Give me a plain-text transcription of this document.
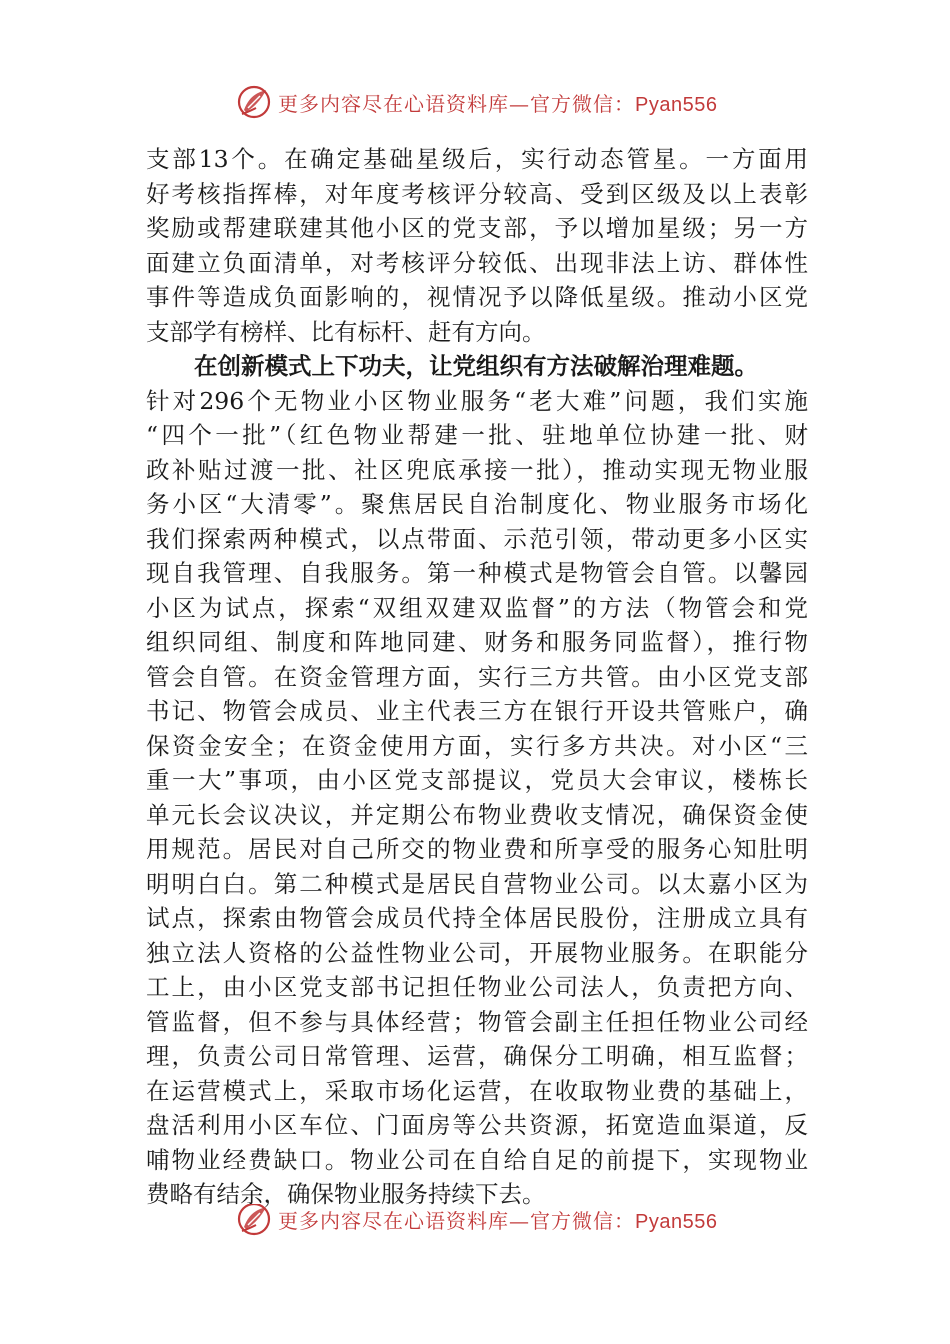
更多内容尽在心语资料库—官方微信：Pyan556
支部13个。在确定基础星级后，实行动态管星。一方面用
好考核指挥棒，对年度考核评分较高、受到区级及以上表彰
奖励或帮建联建其他小区的党支部，予以增加星级；另一方
面建立负面清单，对考核评分较低、出现非法上访、群体性
事件等造成负面影响的，视情况予以降低星级。推动小区党
支部学有榜样、比有标杆、赶有方向。
在创新模式上下功夫，让党组织有方法破解治理难题。
针对296个无物业小区物业服务“老大难”问题，我们实施
“四个一批”（红色物业帮建一批、驻地单位协建一批、财
政补贴过渡一批、社区兜底承接一批），推动实现无物业服
务小区“大清零”。聚焦居民自治制度化、物业服务市场化
我们探索两种模式，以点带面、示范引领，带动更多小区实
现自我管理、自我服务。第一种模式是物管会自管。以馨园
小区为试点，探索“双组双建双监督”的方法（物管会和党
组织同组、制度和阵地同建、财务和服务同监督），推行物
管会自管。在资金管理方面，实行三方共管。由小区党支部
书记、物管会成员、业主代表三方在银行开设共管账户，确
保资金安全；在资金使用方面，实行多方共决。对小区“三
重一大”事项，由小区党支部提议，党员大会审议，楼栋长
单元长会议决议，并定期公布物业费收支情况，确保资金使
用规范。居民对自己所交的物业费和所享受的服务心知肚明
明明白白。第二种模式是居民自营物业公司。以太嘉小区为
试点，探索由物管会成员代持全体居民股份，注册成立具有
独立法人资格的公益性物业公司，开展物业服务。在职能分
工上，由小区党支部书记担任物业公司法人，负责把方向、
管监督，但不参与具体经营；物管会副主任担任物业公司经
理，负责公司日常管理、运营，确保分工明确，相互监督；
在运营模式上，采取市场化运营，在收取物业费的基础上，
盘活利用小区车位、门面房等公共资源，拓宽造血渠道，反
哺物业经费缺口。物业公司在自给自足的前提下，实现物业
费略有结余，确保物业服务持续下去。
更多内容尽在心语资料库—官方微信：Pyan556
